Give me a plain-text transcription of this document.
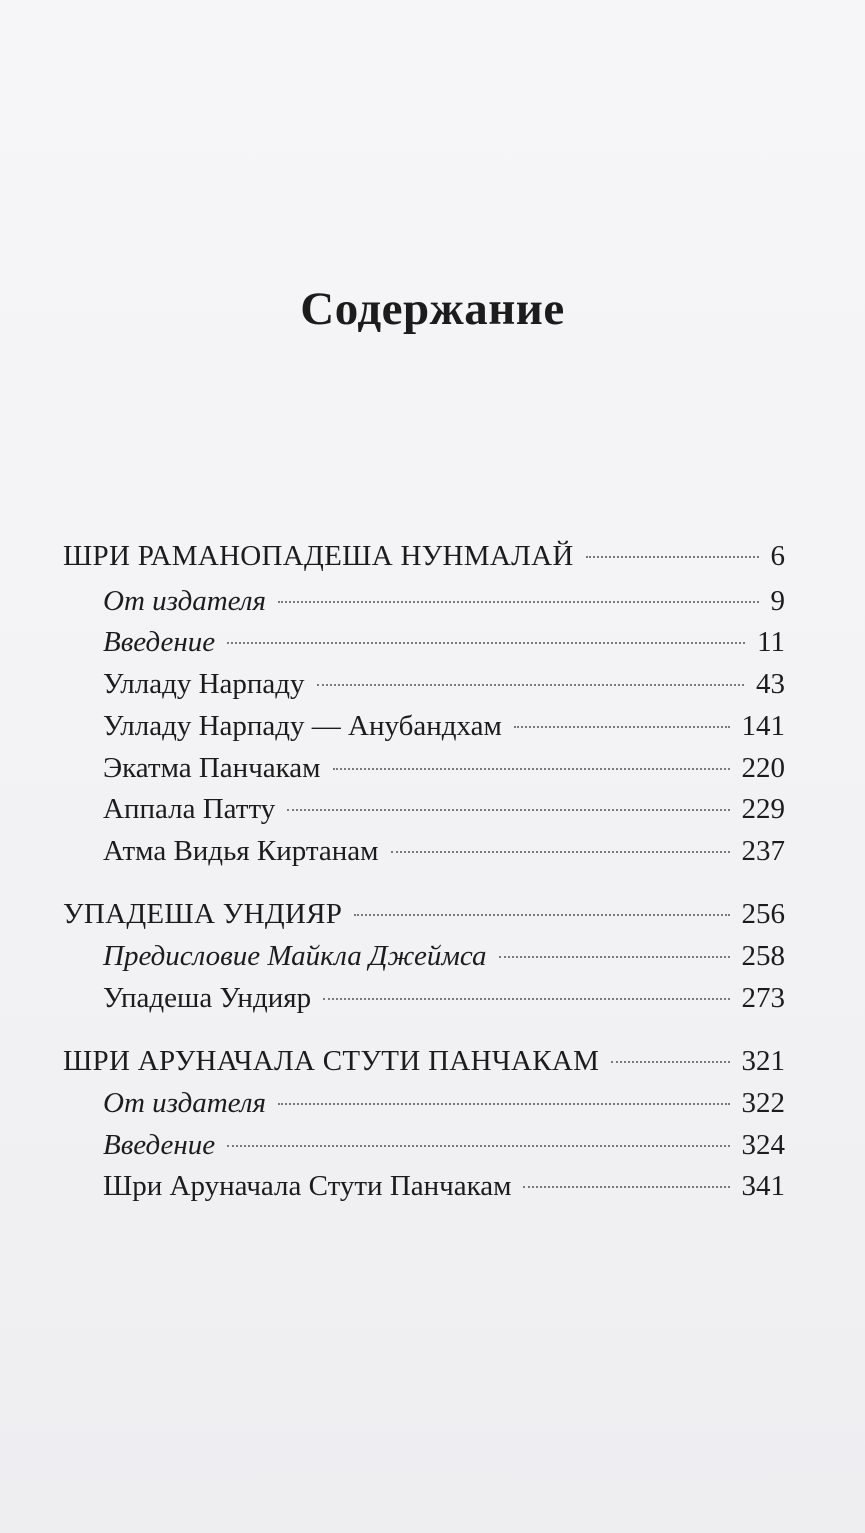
Содержание
ШРИ РАМАНОПАДЕША НУНМАЛАЙ	6
От издателя	9
Введение	11
Улладу Нарпаду	43
Улладу Нарпаду — Анубандхам	141
Экатма Панчакам	220
Аппала Патту	229
Атма Видья Киртанам	237
УПАДЕША УНДИЯР	256
Предисловие Майкла Джеймса	258
Упадеша Ундияр	273
ШРИ АРУНАЧАЛА СТУТИ ПАНЧАКАМ	321
От издателя	322
Введение	324
Шри Аруначала Стути Панчакам	341
